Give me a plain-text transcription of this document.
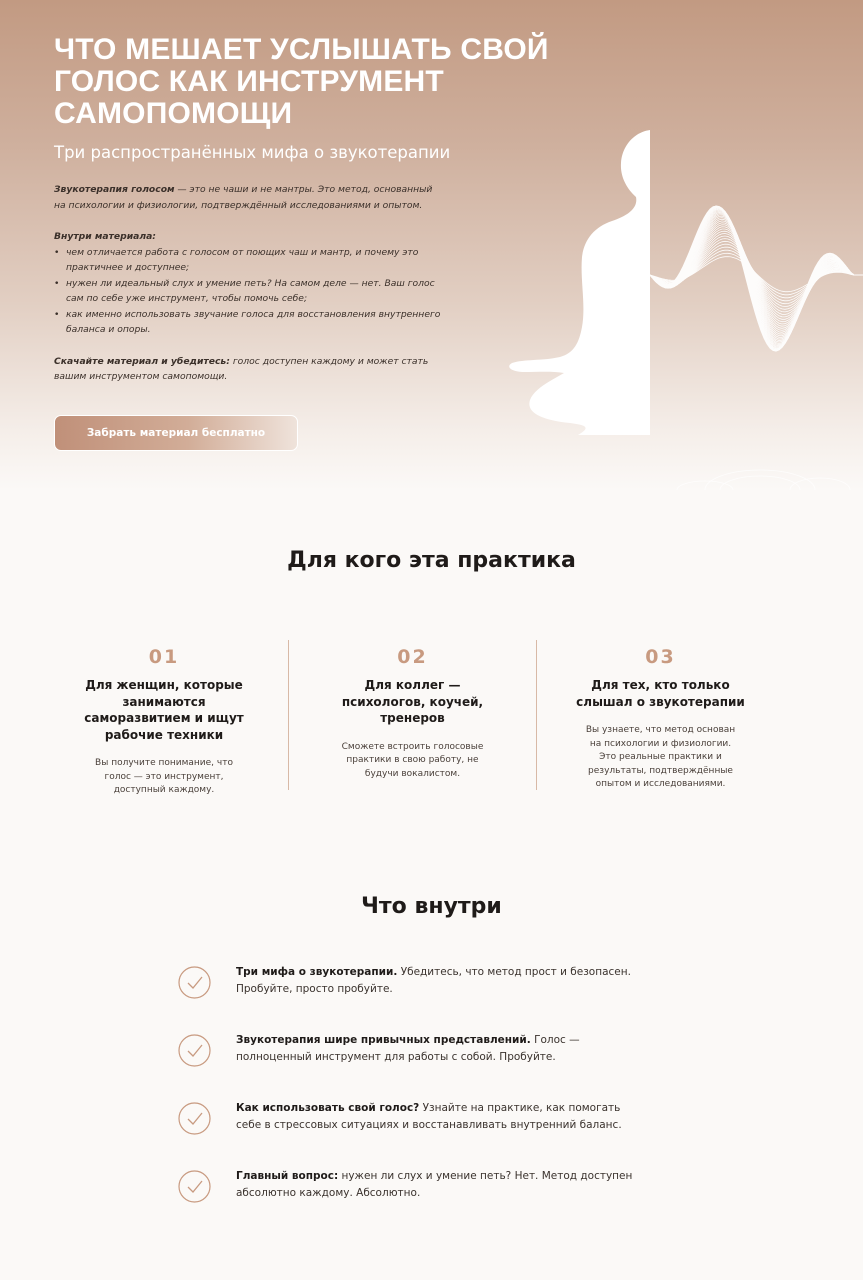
ЧТО МЕШАЕТ УСЛЫШАТЬ СВОЙ ГОЛОС КАК ИНСТРУМЕНТ САМОПОМОЩИ
Три распространённых мифа о звукотерапии
Звукотерапия голосом — это не чаши и не мантры. Это метод, основанный на психологии и физиологии, подтверждённый исследованиями и опытом.
Внутри материала:
• чем отличается работа с голосом от поющих чаш и мантр, и почему это практичнее и доступнее;
• нужен ли идеальный слух и умение петь? На самом деле — нет. Ваш голос сам по себе уже инструмент, чтобы помочь себе;
• как именно использовать звучание голоса для восстановления внутреннего баланса и опоры.
Скачайте материал и убедитесь: голос доступен каждому и может стать вашим инструментом самопомощи.
Забрать материал бесплатно
Для кого эта практика
01
Для женщин, которые занимаются саморазвитием и ищут рабочие техники
Вы получите понимание, что голос — это инструмент, доступный каждому.
02
Для коллег — психологов, коучей, тренеров
Сможете встроить голосовые практики в свою работу, не будучи вокалистом.
03
Для тех, кто только слышал о звукотерапии
Вы узнаете, что метод основан на психологии и физиологии. Это реальные практики и результаты, подтверждённые опытом и исследованиями.
Что внутри
Три мифа о звукотерапии. Убедитесь, что метод прост и безопасен. Пробуйте, просто пробуйте.
Звукотерапия шире привычных представлений. Голос — полноценный инструмент для работы с собой. Пробуйте.
Как использовать свой голос? Узнайте на практике, как помогать себе в стрессовых ситуациях и восстанавливать внутренний баланс.
Главный вопрос: нужен ли слух и умение петь? Нет. Метод доступен абсолютно каждому. Абсолютно.
